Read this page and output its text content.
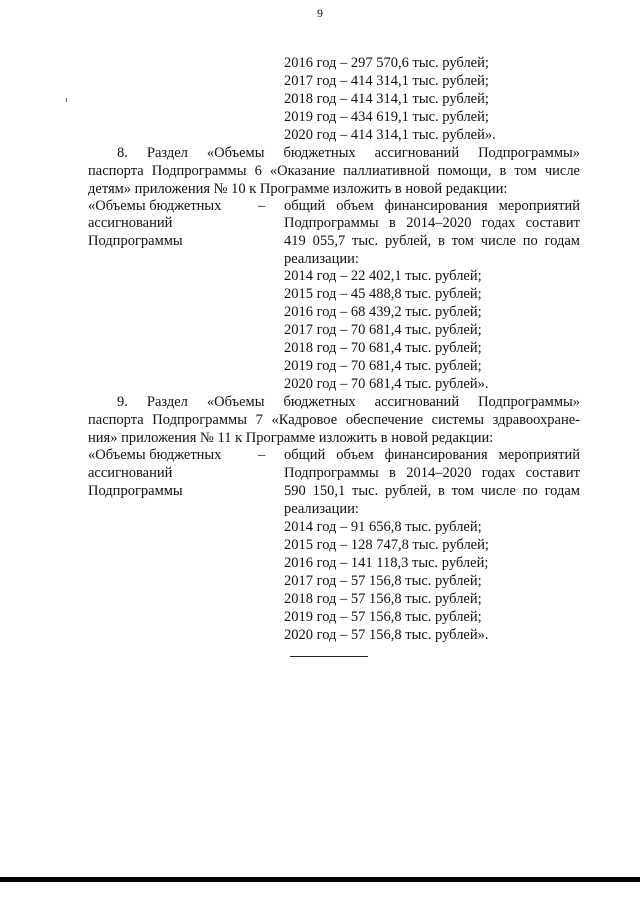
9
2016 год – 297 570,6 тыс. рублей;
2017 год – 414 314,1 тыс. рублей;
2018 год – 414 314,1 тыс. рублей;
2019 год – 434 619,1 тыс. рублей;
2020 год – 414 314,1 тыс. рублей».
8. Раздел «Объемы бюджетных ассигнований Подпрограммы»
паспорта Подпрограммы 6 «Оказание паллиативной помощи, в том числе
детям» приложения № 10 к Программе изложить в новой редакции:
«Объемы бюджетных
ассигнований
Подпрограммы
– общий объем финансирования мероприятий
Подпрограммы в 2014–2020 годах составит
419 055,7 тыс. рублей, в том числе по годам
реализации:
2014 год – 22 402,1 тыс. рублей;
2015 год – 45 488,8 тыс. рублей;
2016 год – 68 439,2 тыс. рублей;
2017 год – 70 681,4 тыс. рублей;
2018 год – 70 681,4 тыс. рублей;
2019 год – 70 681,4 тыс. рублей;
2020 год – 70 681,4 тыс. рублей».
9. Раздел «Объемы бюджетных ассигнований Подпрограммы»
паспорта Подпрограммы 7 «Кадровое обеспечение системы здравоохране-
ния» приложения № 11 к Программе изложить в новой редакции:
«Объемы бюджетных
ассигнований
Подпрограммы
– общий объем финансирования мероприятий
Подпрограммы в 2014–2020 годах составит
590 150,1 тыс. рублей, в том числе по годам
реализации:
2014 год – 91 656,8 тыс. рублей;
2015 год – 128 747,8 тыс. рублей;
2016 год – 141 118,3 тыс. рублей;
2017 год – 57 156,8 тыс. рублей;
2018 год – 57 156,8 тыс. рублей;
2019 год – 57 156,8 тыс. рублей;
2020 год – 57 156,8 тыс. рублей».
